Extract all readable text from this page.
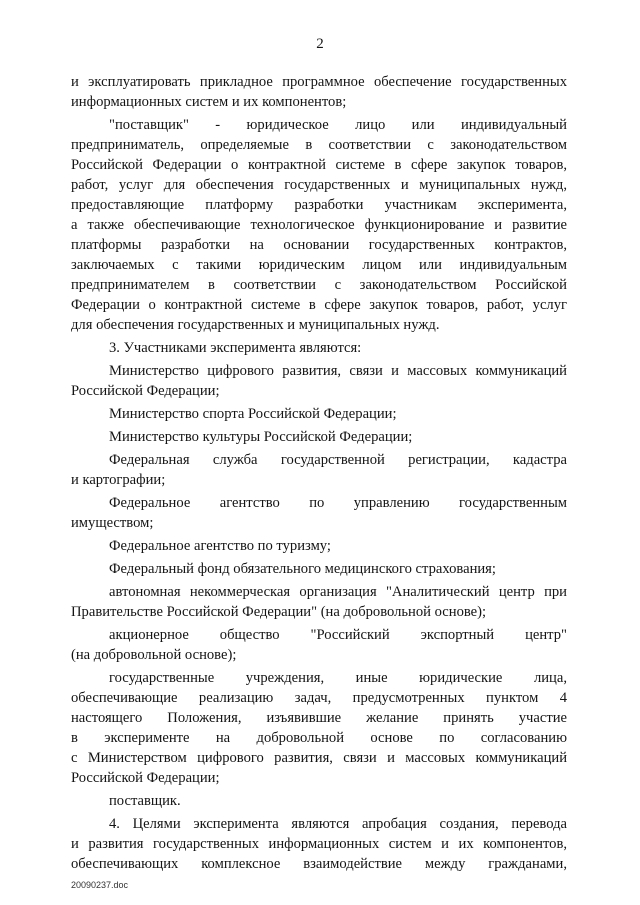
2
и эксплуатировать прикладное программное обеспечение государственных
информационных систем и их компонентов;
"поставщик" - юридическое лицо или индивидуальный
предприниматель, определяемые в соответствии с законодательством
Российской Федерации о контрактной системе в сфере закупок товаров,
работ, услуг для обеспечения государственных и муниципальных нужд,
предоставляющие платформу разработки участникам эксперимента,
а также обеспечивающие технологическое функционирование и развитие
платформы разработки на основании государственных контрактов,
заключаемых с такими юридическим лицом или индивидуальным
предпринимателем в соответствии с законодательством Российской
Федерации о контрактной системе в сфере закупок товаров, работ, услуг
для обеспечения государственных и муниципальных нужд.
3. Участниками эксперимента являются:
Министерство цифрового развития, связи и массовых коммуникаций
Российской Федерации;
Министерство спорта Российской Федерации;
Министерство культуры Российской Федерации;
Федеральная служба государственной регистрации, кадастра
и картографии;
Федеральное агентство по управлению государственным
имуществом;
Федеральное агентство по туризму;
Федеральный фонд обязательного медицинского страхования;
автономная некоммерческая организация "Аналитический центр при
Правительстве Российской Федерации" (на добровольной основе);
акционерное общество "Российский экспортный центр"
(на добровольной основе);
государственные учреждения, иные юридические лица,
обеспечивающие реализацию задач, предусмотренных пунктом 4
настоящего Положения, изъявившие желание принять участие
в эксперименте на добровольной основе по согласованию
с Министерством цифрового развития, связи и массовых коммуникаций
Российской Федерации;
поставщик.
4. Целями эксперимента являются апробация создания, перевода
и развития государственных информационных систем и их компонентов,
обеспечивающих комплексное взаимодействие между гражданами,
20090237.doc
